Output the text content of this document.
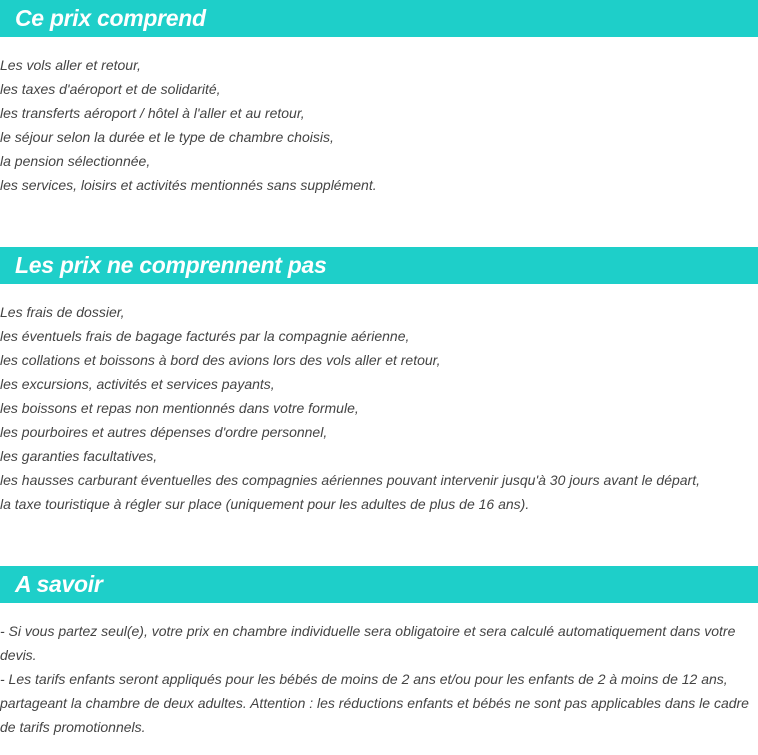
Ce prix comprend
Les vols aller et retour,
les taxes d'aéroport et de solidarité,
les transferts aéroport / hôtel à l'aller et au retour,
le séjour selon la durée et le type de chambre choisis,
la pension sélectionnée,
les services, loisirs et activités mentionnés sans supplément.
Les prix ne comprennent pas
Les frais de dossier,
les éventuels frais de bagage facturés par la compagnie aérienne,
les collations et boissons à bord des avions lors des vols aller et retour,
les excursions, activités et services payants,
les boissons et repas non mentionnés dans votre formule,
les pourboires et autres dépenses d'ordre personnel,
les garanties facultatives,
les hausses carburant éventuelles des compagnies aériennes pouvant intervenir jusqu'à 30 jours avant le départ,
la taxe touristique à régler sur place (uniquement pour les adultes de plus de 16 ans).
A savoir
- Si vous partez seul(e), votre prix en chambre individuelle sera obligatoire et sera calculé automatiquement dans votre devis.
- Les tarifs enfants seront appliqués pour les bébés de moins de 2 ans et/ou pour les enfants de 2 à moins de 12 ans, partageant la chambre de deux adultes. Attention : les réductions enfants et bébés ne sont pas applicables dans le cadre de tarifs promotionnels.
